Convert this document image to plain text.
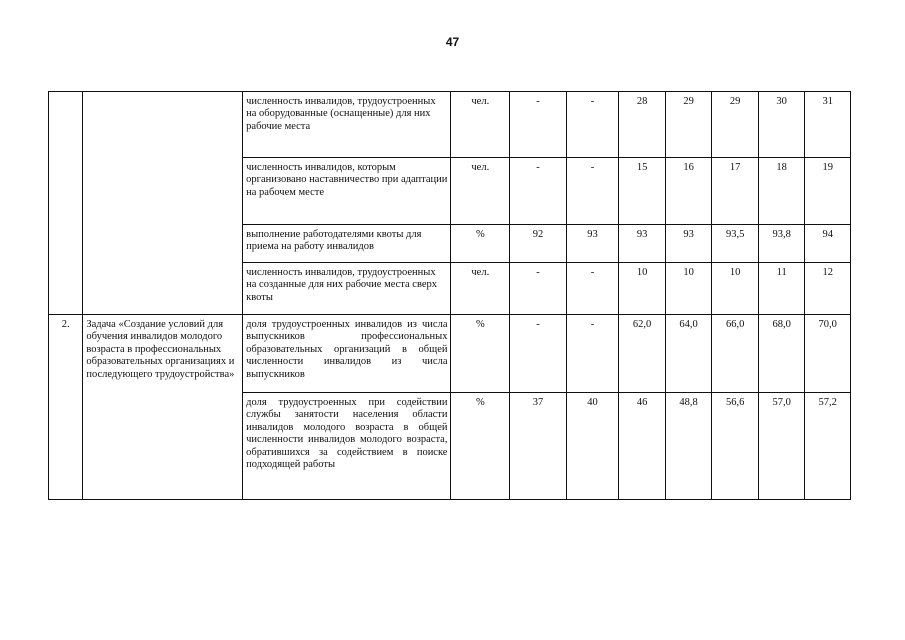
47
		численность инвалидов, трудоустроенных на оборудованные (оснащенные) для них рабочие места	чел.	-	-	28	29	29	30	31
		численность инвалидов, которым организовано наставничество при адаптации на рабочем месте	чел.	-	-	15	16	17	18	19
		выполнение работодателями квоты для приема на работу инвалидов	%	92	93	93	93	93,5	93,8	94
		численность инвалидов, трудоустроенных на созданные для них рабочие места сверх квоты	чел.	-	-	10	10	10	11	12
2.	Задача «Создание условий для обучения инвалидов молодого возраста в профессиональных образовательных организациях и последующего трудоустройства»	доля трудоустроенных инвалидов из числа выпускников профессиональных образовательных организаций в общей численности инвалидов из числа выпускников	%	-	-	62,0	64,0	66,0	68,0	70,0
		доля трудоустроенных при содействии службы занятости населения области инвалидов молодого возраста в общей численности инвалидов молодого возраста, обратившихся за содействием в поиске подходящей работы	%	37	40	46	48,8	56,6	57,0	57,2
